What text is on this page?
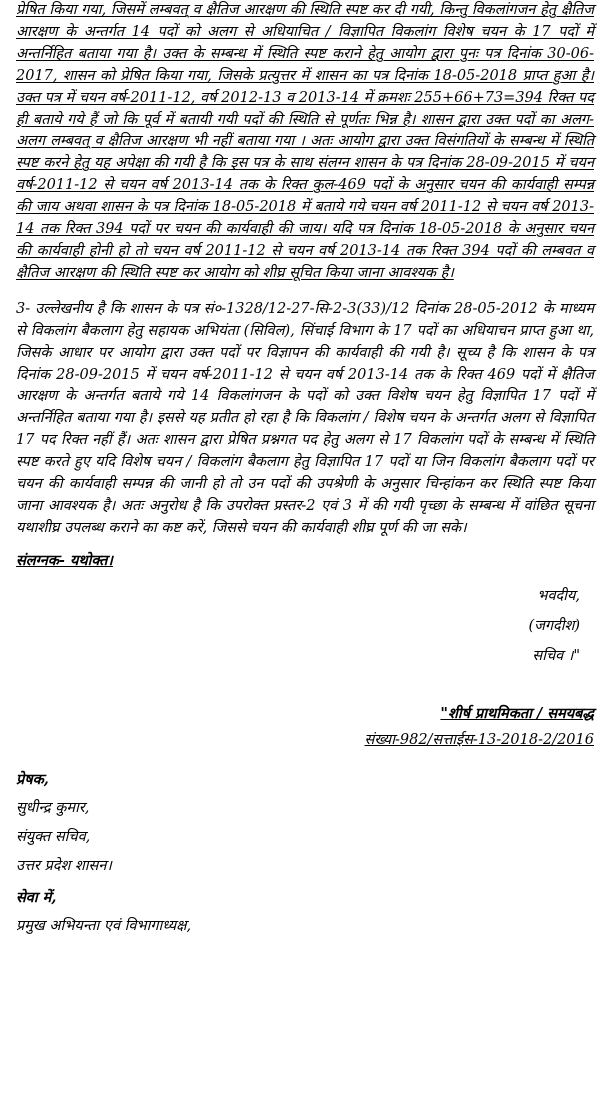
प्रेषित किया गया, जिसमें लम्बवत् व क्षैतिज आरक्षण की स्थिति स्पष्ट कर दी गयी, किन्तु विकलांगजन हेतु क्षैतिज आरक्षण के अन्तर्गत 14 पदों को अलग से अधियाचित / विज्ञापित विकलांग विशेष चयन के 17 पदों में अन्तर्निहित बताया गया है। उक्त के सम्बन्ध में स्थिति स्पष्ट कराने हेतु आयोग द्वारा पुनः पत्र दिनांक 30-06-2017, शासन को प्रेषित किया गया, जिसके प्रत्युत्तर में शासन का पत्र दिनांक 18-05-2018 प्राप्त हुआ है। उक्त पत्र में चयन वर्ष-2011-12, वर्ष 2012-13 व 2013-14 में क्रमशः 255+66+73=394 रिक्त पद ही बताये गये हैं जो कि पूर्व में बतायी गयी पदों की स्थिति से पूर्णतः भिन्न है। शासन द्वारा उक्त पदों का अलग-अलग लम्बवत् व क्षैतिज आरक्षण भी नहीं बताया गया । अतः आयोग द्वारा उक्त विसंगतियों के सम्बन्ध में स्थिति स्पष्ट करने हेतु यह अपेक्षा की गयी है कि इस पत्र के साथ संलग्न शासन के पत्र दिनांक 28-09-2015 में चयन वर्ष-2011-12 से चयन वर्ष 2013-14 तक के रिक्त कुल-469 पदों के अनुसार चयन की कार्यवाही सम्पन्न की जाय अथवा शासन के पत्र दिनांक 18-05-2018 में बताये गये चयन वर्ष 2011-12 से चयन वर्ष 2013-14 तक रिक्त 394 पदों पर चयन की कार्यवाही की जाय। यदि पत्र दिनांक 18-05-2018 के अनुसार चयन की कार्यवाही होनी हो तो चयन वर्ष 2011-12 से चयन वर्ष 2013-14 तक रिक्त 394 पदों की लम्बवत व क्षैतिज आरक्षण की स्थिति स्पष्ट कर आयोग को शीघ्र सूचित किया जाना आवश्यक है।

3- उल्लेखनीय है कि शासन के पत्र सं०-1328/12-27-सि-2-3(33)/12 दिनांक 28-05-2012 के माध्यम से विकलांग बैकलाग हेतु सहायक अभियंता (सिविल), सिंचाई विभाग के 17 पदों का अधियाचन प्राप्त हुआ था, जिसके आधार पर आयोग द्वारा उक्त पदों पर विज्ञापन की कार्यवाही की गयी है। सूच्य है कि शासन के पत्र दिनांक 28-09-2015 में चयन वर्ष-2011-12 से चयन वर्ष 2013-14 तक के रिक्त 469 पदों में क्षैतिज आरक्षण के अन्तर्गत बताये गये 14 विकलांगजन के पदों को उक्त विशेष चयन हेतु विज्ञापित 17 पदों में अन्तर्निहित बताया गया है। इससे यह प्रतीत हो रहा है कि विकलांग / विशेष चयन के अन्तर्गत अलग से विज्ञापित 17 पद रिक्त नहीं हैं। अतः शासन द्वारा प्रेषित प्रश्नगत पद हेतु अलग से 17 विकलांग पदों के सम्बन्ध में स्थिति स्पष्ट करते हुए यदि विशेष चयन / विकलांग बैकलाग हेतु विज्ञापित 17 पदों या जिन विकलांग बैकलाग पदों पर चयन की कार्यवाही सम्पन्न की जानी हो तो उन पदों की उपश्रेणी के अनुसार चिन्हांकन कर स्थिति स्पष्ट किया जाना आवश्यक है। अतः अनुरोध है कि उपरोक्त प्रस्तर-2 एवं 3 में की गयी पृच्छा के सम्बन्ध में वांछित सूचना यथाशीघ्र उपलब्ध कराने का कष्ट करें, जिससे चयन की कार्यवाही शीघ्र पूर्ण की जा सके।

संलग्नक- यथोक्त।

भवदीय,

(जगदीश)

सचिव ।"

"शीर्ष प्राथमिकता / समयबद्ध

संख्या-982/सत्ताईस-13-2018-2/2016

प्रेषक,

सुधीन्द्र कुमार,

संयुक्त सचिव,

उत्तर प्रदेश शासन।

सेवा में,

प्रमुख अभियन्ता एवं विभागाध्यक्ष,
